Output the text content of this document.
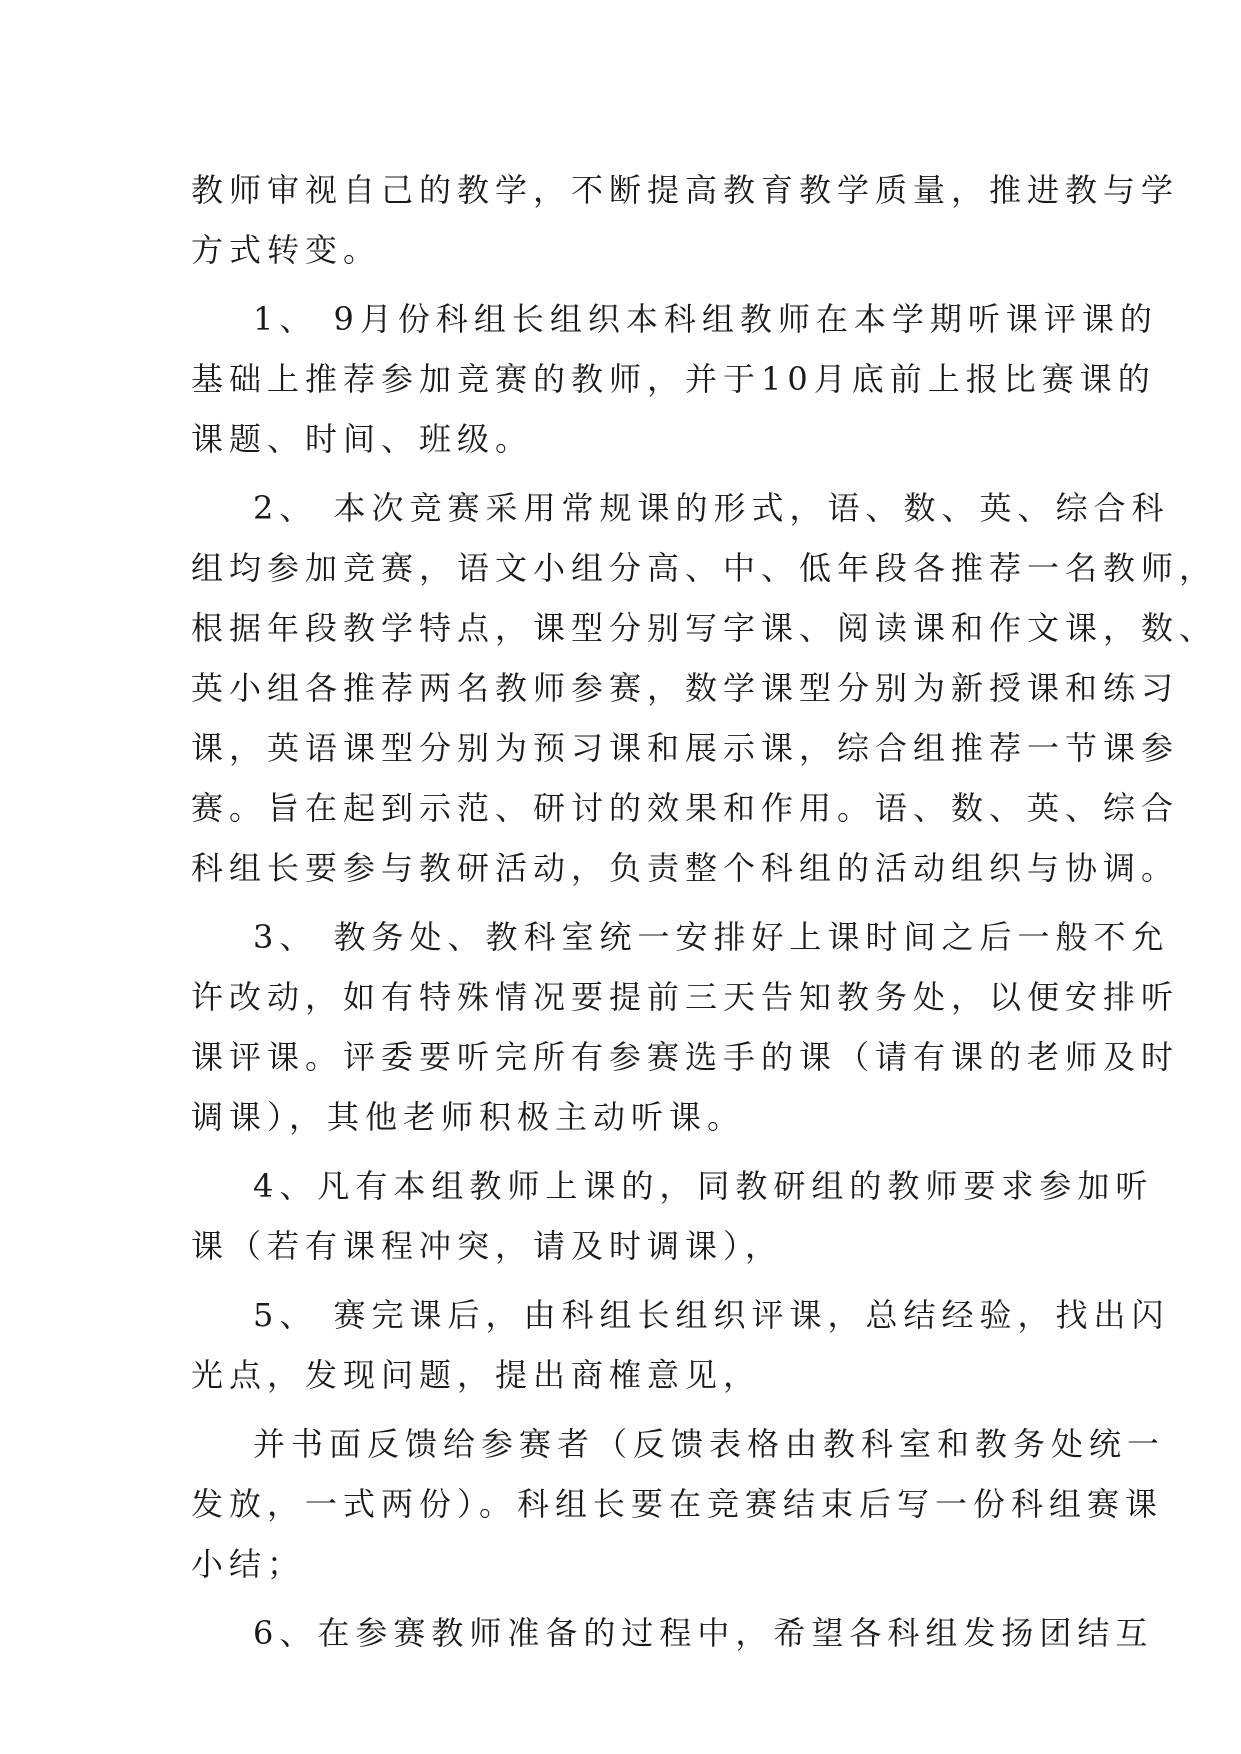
教师审视自己的教学，不断提高教育教学质量，推进教与学

方式转变。

1、 9月份科组长组织本科组教师在本学期听课评课的

基础上推荐参加竞赛的教师，并于10月底前上报比赛课的

课题、时间、班级。

2、 本次竞赛采用常规课的形式，语、数、英、综合科

组均参加竞赛，语文小组分高、中、低年段各推荐一名教师，

根据年段教学特点，课型分别写字课、阅读课和作文课，数、

英小组各推荐两名教师参赛，数学课型分别为新授课和练习

课，英语课型分别为预习课和展示课，综合组推荐一节课参

赛。旨在起到示范、研讨的效果和作用。语、数、英、综合

科组长要参与教研活动，负责整个科组的活动组织与协调。

3、 教务处、教科室统一安排好上课时间之后一般不允

许改动，如有特殊情况要提前三天告知教务处，以便安排听

课评课。评委要听完所有参赛选手的课（请有课的老师及时

调课），其他老师积极主动听课。

4、凡有本组教师上课的，同教研组的教师要求参加听

课（若有课程冲突，请及时调课），

5、 赛完课后，由科组长组织评课，总结经验，找出闪

光点，发现问题，提出商榷意见，

并书面反馈给参赛者（反馈表格由教科室和教务处统一

发放，一式两份）。科组长要在竞赛结束后写一份科组赛课

小结；

6、在参赛教师准备的过程中，希望各科组发扬团结互
